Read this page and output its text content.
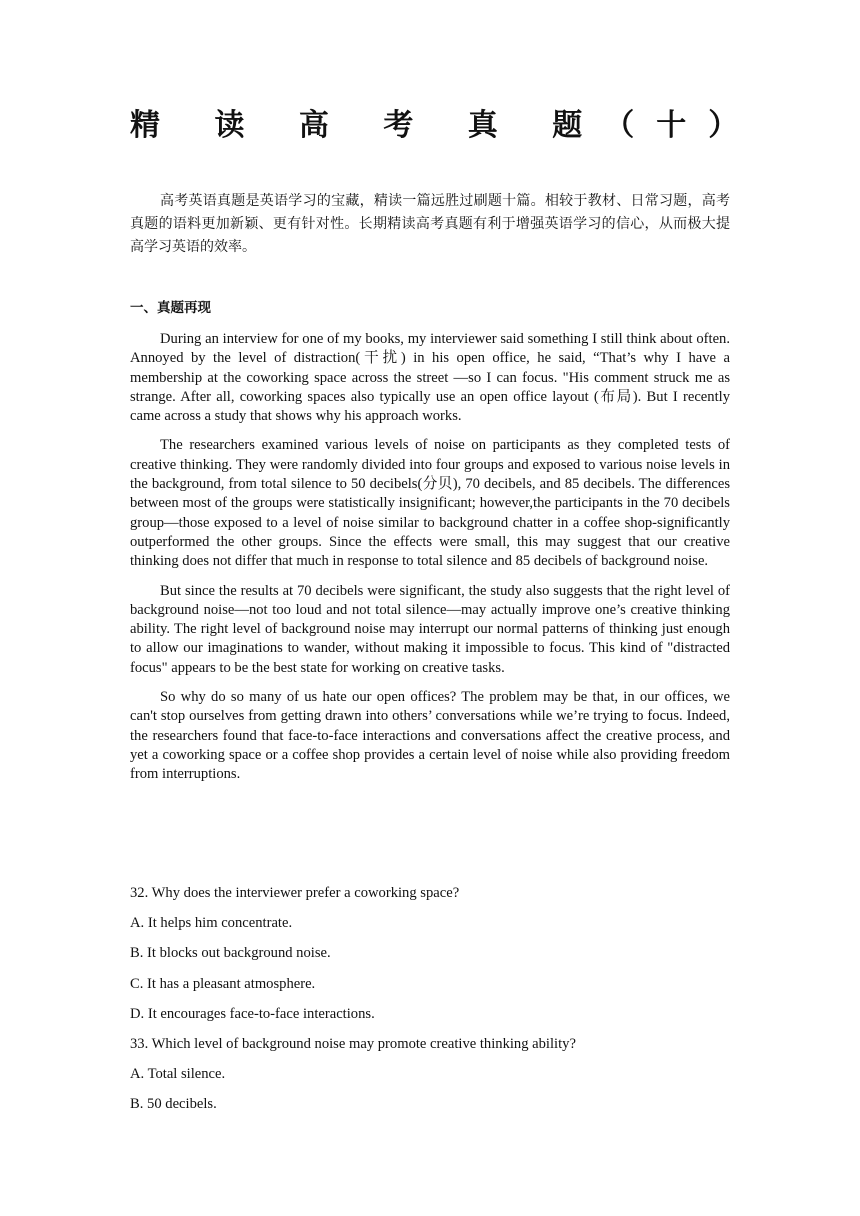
精 读 高 考 真 题（十）

高考英语真题是英语学习的宝藏，精读一篇远胜过刷题十篇。相较于教材、日常习题，高考真题的语料更加新颖、更有针对性。长期精读高考真题有利于增强英语学习的信心，从而极大提高学习英语的效率。

一、真题再现

During an interview for one of my books, my interviewer said something I still think about often. Annoyed by the level of distraction(干扰) in his open office, he said, “That’s why I have a membership at the coworking space across the street —so I can focus. "His comment struck me as strange. After all, coworking spaces also typically use an open office layout (布局). But I recently came across a study that shows why his approach works.

The researchers examined various levels of noise on participants as they completed tests of creative thinking. They were randomly divided into four groups and exposed to various noise levels in the background, from total silence to 50 decibels(分贝), 70 decibels, and 85 decibels. The differences between most of the groups were statistically insignificant; however,the participants in the 70 decibels group—those exposed to a level of noise similar to background chatter in a coffee shop-significantly outperformed the other groups. Since the effects were small, this may suggest that our creative thinking does not differ that much in response to total silence and 85 decibels of background noise.

But since the results at 70 decibels were significant, the study also suggests that the right level of background noise—not too loud and not total silence—may actually improve one’s creative thinking ability. The right level of background noise may interrupt our normal patterns of thinking just enough to allow our imaginations to wander, without making it impossible to focus. This kind of "distracted focus" appears to be the best state for working on creative tasks.

So why do so many of us hate our open offices? The problem may be that, in our offices, we can't stop ourselves from getting drawn into others’ conversations while we’re trying to focus. Indeed, the researchers found that face-to-face interactions and conversations affect the creative process, and yet a coworking space or a coffee shop provides a certain level of noise while also providing freedom from interruptions.

32. Why does the interviewer prefer a coworking space?

A. It helps him concentrate.

B. It blocks out background noise.

C. It has a pleasant atmosphere.

D. It encourages face-to-face interactions.

33. Which level of background noise may promote creative thinking ability?

A. Total silence.

B. 50 decibels.
